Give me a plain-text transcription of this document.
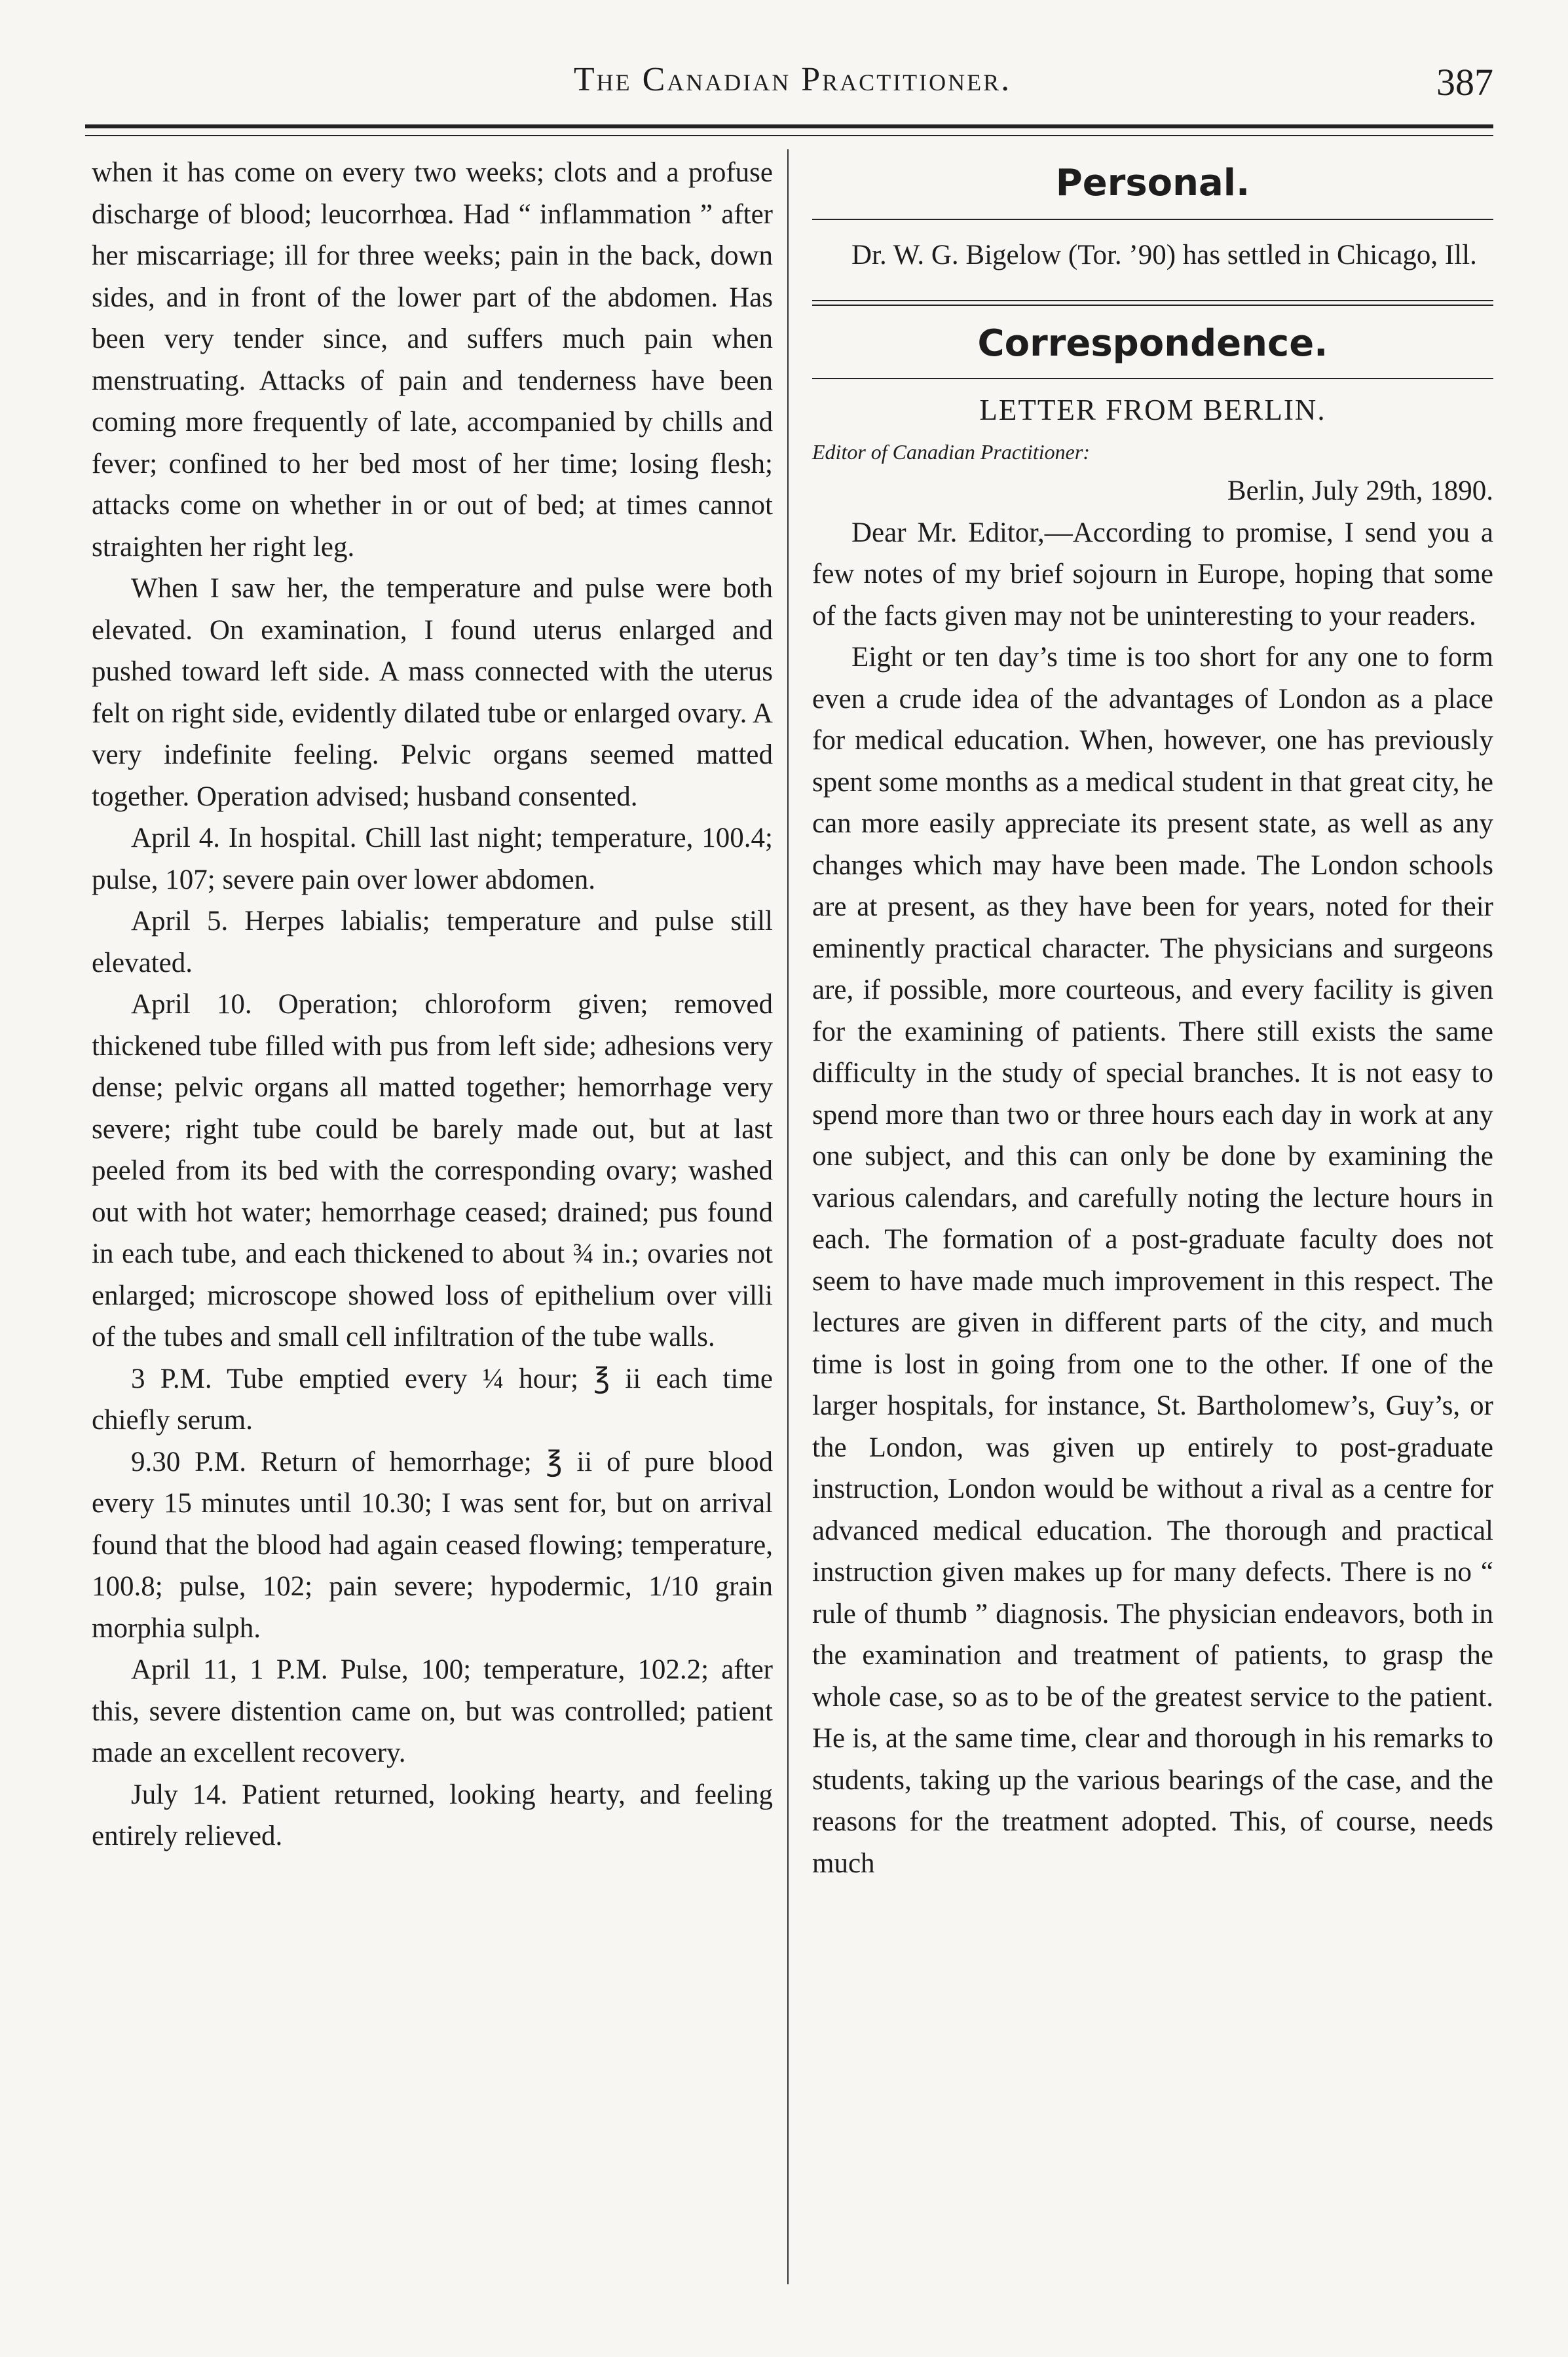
The Canadian Practitioner.	387

when it has come on every two weeks; clots and a profuse discharge of blood; leucorrhœa. Had “ inflammation ” after her miscarriage; ill for three weeks; pain in the back, down sides, and in front of the lower part of the abdomen. Has been very tender since, and suffers much pain when menstruating. Attacks of pain and tenderness have been coming more frequently of late, accompanied by chills and fever; confined to her bed most of her time; losing flesh; attacks come on whether in or out of bed; at times cannot straighten her right leg.

When I saw her, the temperature and pulse were both elevated. On examination, I found uterus enlarged and pushed toward left side. A mass connected with the uterus felt on right side, evidently dilated tube or enlarged ovary. A very indefinite feeling. Pelvic organs seemed matted together. Operation advised; husband consented.

April 4. In hospital. Chill last night; temperature, 100.4; pulse, 107; severe pain over lower abdomen.

April 5. Herpes labialis; temperature and pulse still elevated.

April 10. Operation; chloroform given; removed thickened tube filled with pus from left side; adhesions very dense; pelvic organs all matted together; hemorrhage very severe; right tube could be barely made out, but at last peeled from its bed with the corresponding ovary; washed out with hot water; hemorrhage ceased; drained; pus found in each tube, and each thickened to about ¾ in.; ovaries not enlarged; microscope showed loss of epithelium over villi of the tubes and small cell infiltration of the tube walls.

3 P.M. Tube emptied every ¼ hour; ℥ ii each time chiefly serum.

9.30 P.M. Return of hemorrhage; ℥ ii of pure blood every 15 minutes until 10.30; I was sent for, but on arrival found that the blood had again ceased flowing; temperature, 100.8; pulse, 102; pain severe; hypodermic, 1/10 grain morphia sulph.

April 11, 1 P.M. Pulse, 100; temperature, 102.2; after this, severe distention came on, but was controlled; patient made an excellent recovery.

July 14. Patient returned, looking hearty, and feeling entirely relieved.

Personal.

Dr. W. G. Bigelow (Tor. ’90) has settled in Chicago, Ill.

Correspondence.

LETTER FROM BERLIN.

Editor of Canadian Practitioner:

Berlin, July 29th, 1890.

Dear Mr. Editor,—According to promise, I send you a few notes of my brief sojourn in Europe, hoping that some of the facts given may not be uninteresting to your readers.

Eight or ten day’s time is too short for any one to form even a crude idea of the advantages of London as a place for medical education. When, however, one has previously spent some months as a medical student in that great city, he can more easily appreciate its present state, as well as any changes which may have been made. The London schools are at present, as they have been for years, noted for their eminently practical character. The physicians and surgeons are, if possible, more courteous, and every facility is given for the examining of patients. There still exists the same difficulty in the study of special branches. It is not easy to spend more than two or three hours each day in work at any one subject, and this can only be done by examining the various calendars, and carefully noting the lecture hours in each. The formation of a post-graduate faculty does not seem to have made much improvement in this respect. The lectures are given in different parts of the city, and much time is lost in going from one to the other. If one of the larger hospitals, for instance, St. Bartholomew’s, Guy’s, or the London, was given up entirely to post-graduate instruction, London would be without a rival as a centre for advanced medical education. The thorough and practical instruction given makes up for many defects. There is no “ rule of thumb ” diagnosis. The physician endeavors, both in the examination and treatment of patients, to grasp the whole case, so as to be of the greatest service to the patient. He is, at the same time, clear and thorough in his remarks to students, taking up the various bearings of the case, and the reasons for the treatment adopted. This, of course, needs much
